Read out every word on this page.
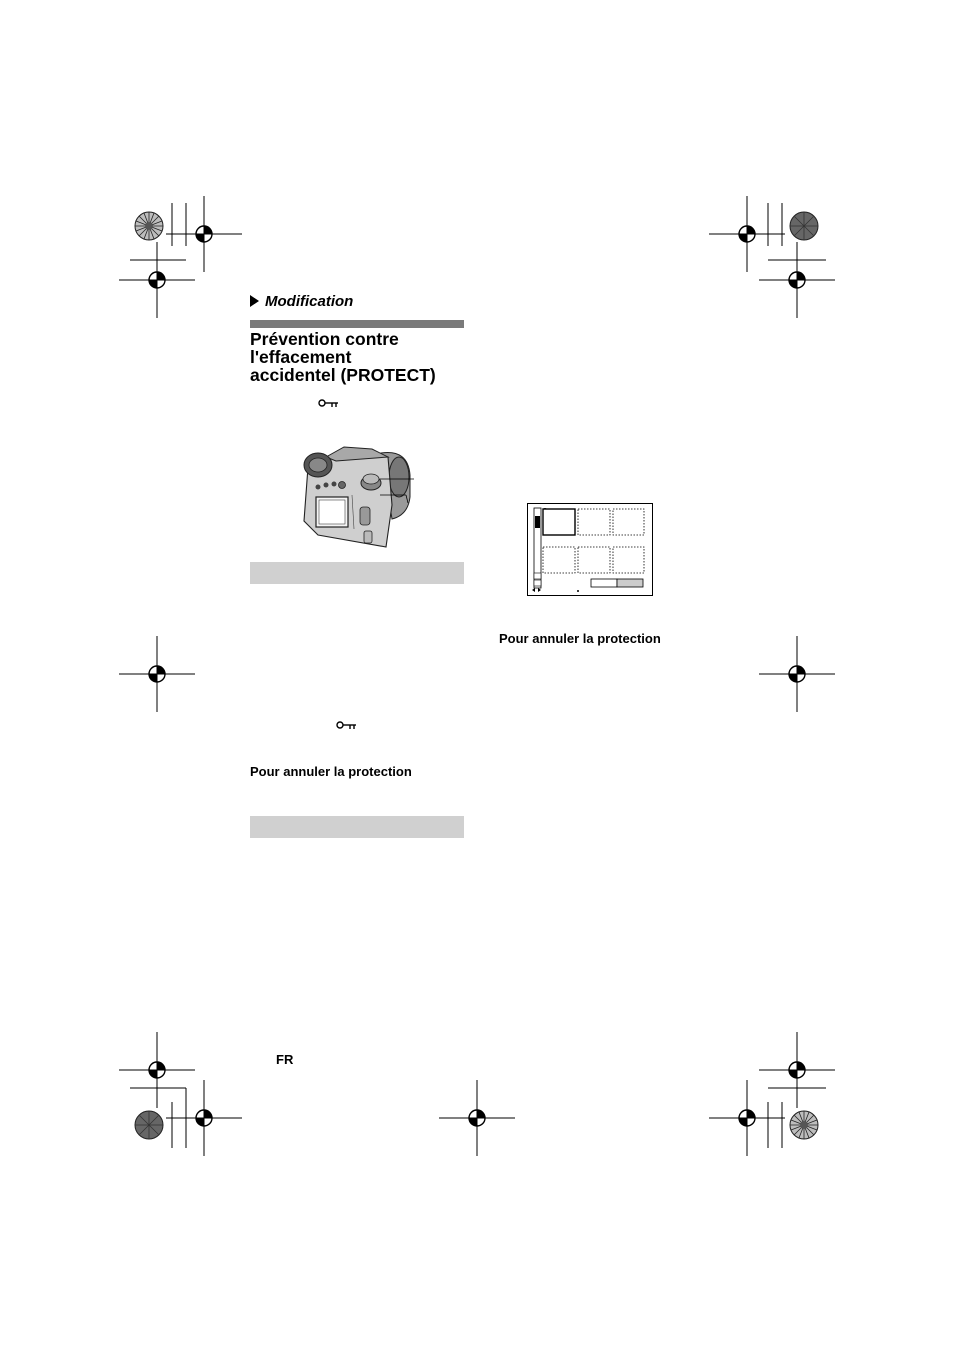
Modification
Prévention contre
l'effacement
accidentel (PROTECT)
Pour annuler la protection
Pour annuler la protection
FR
